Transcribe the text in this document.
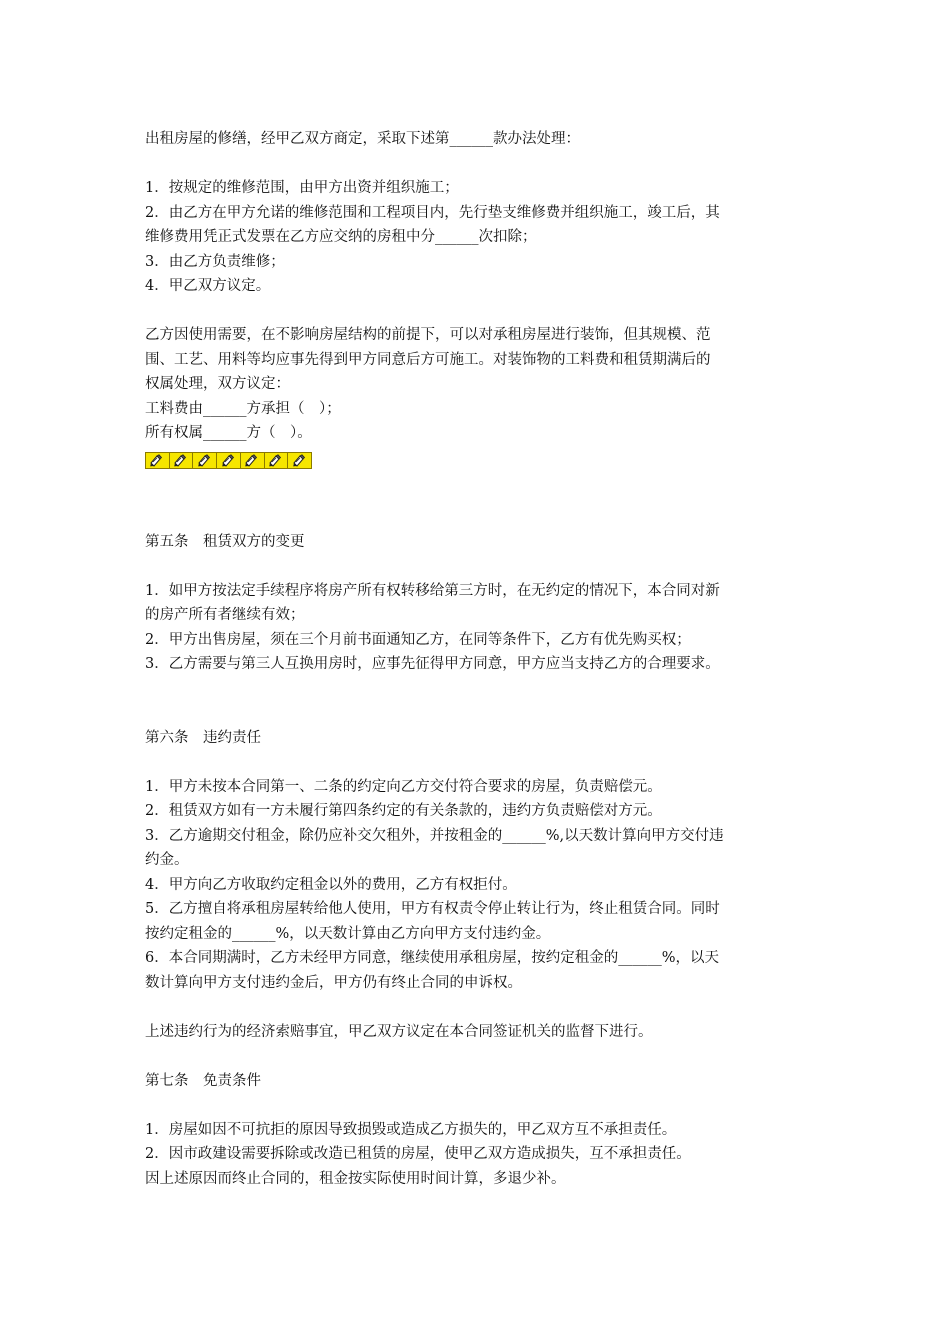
出租房屋的修缮，经甲乙双方商定，采取下述第______款办法处理：
1．按规定的维修范围，由甲方出资并组织施工；
2．由乙方在甲方允诺的维修范围和工程项目内，先行垫支维修费并组织施工，竣工后，其
维修费用凭正式发票在乙方应交纳的房租中分______次扣除；
3．由乙方负责维修；
4．甲乙双方议定。
乙方因使用需要，在不影响房屋结构的前提下，可以对承租房屋进行装饰，但其规模、范
围、工艺、用料等均应事先得到甲方同意后方可施工。对装饰物的工料费和租赁期满后的
权属处理，双方议定：
工料费由______方承担（　）；
所有权属______方（　）。
第五条　租赁双方的变更
1．如甲方按法定手续程序将房产所有权转移给第三方时，在无约定的情况下，本合同对新
的房产所有者继续有效；
2．甲方出售房屋，须在三个月前书面通知乙方，在同等条件下，乙方有优先购买权；
3．乙方需要与第三人互换用房时，应事先征得甲方同意，甲方应当支持乙方的合理要求。
第六条　违约责任
1．甲方未按本合同第一、二条的约定向乙方交付符合要求的房屋，负责赔偿元。
2．租赁双方如有一方未履行第四条约定的有关条款的，违约方负责赔偿对方元。
3．乙方逾期交付租金，除仍应补交欠租外，并按租金的______%,以天数计算向甲方交付违
约金。
4．甲方向乙方收取约定租金以外的费用，乙方有权拒付。
5．乙方擅自将承租房屋转给他人使用，甲方有权责令停止转让行为，终止租赁合同。同时
按约定租金的______%，以天数计算由乙方向甲方支付违约金。
6．本合同期满时，乙方未经甲方同意，继续使用承租房屋，按约定租金的______%，以天
数计算向甲方支付违约金后，甲方仍有终止合同的申诉权。
上述违约行为的经济索赔事宜，甲乙双方议定在本合同签证机关的监督下进行。
第七条　免责条件
1．房屋如因不可抗拒的原因导致损毁或造成乙方损失的，甲乙双方互不承担责任。
2．因市政建设需要拆除或改造已租赁的房屋，使甲乙双方造成损失，互不承担责任。
因上述原因而终止合同的，租金按实际使用时间计算，多退少补。
